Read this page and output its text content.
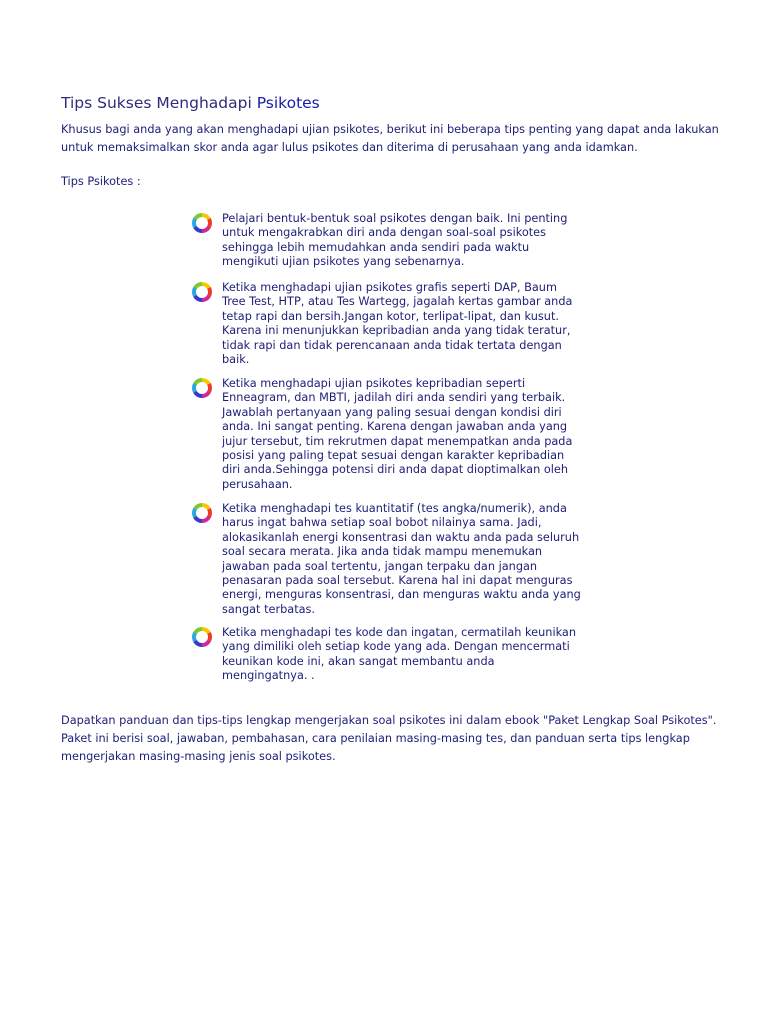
Tips Sukses Menghadapi Psikotes
Khusus bagi anda yang akan menghadapi ujian psikotes, berikut ini beberapa tips penting yang dapat anda lakukan untuk memaksimalkan skor anda agar lulus psikotes dan diterima di perusahaan yang anda idamkan.
Tips Psikotes :
Pelajari bentuk-bentuk soal psikotes dengan baik. Ini penting untuk mengakrabkan diri anda dengan soal-soal psikotes sehingga lebih memudahkan anda sendiri pada waktu mengikuti ujian psikotes yang sebenarnya.
Ketika menghadapi ujian psikotes grafis seperti DAP, Baum Tree Test, HTP, atau Tes Wartegg, jagalah kertas gambar anda tetap rapi dan bersih.Jangan kotor, terlipat-lipat, dan kusut. Karena ini menunjukkan kepribadian anda yang tidak teratur, tidak rapi dan tidak perencanaan anda tidak tertata dengan baik.
Ketika menghadapi ujian psikotes kepribadian seperti Enneagram, dan MBTI, jadilah diri anda sendiri yang terbaik. Jawablah pertanyaan yang paling sesuai dengan kondisi diri anda. Ini sangat penting. Karena dengan jawaban anda yang jujur tersebut, tim rekrutmen dapat menempatkan anda pada posisi yang paling tepat sesuai dengan karakter kepribadian diri anda.Sehingga potensi diri anda dapat dioptimalkan oleh perusahaan.
Ketika menghadapi tes kuantitatif (tes angka/numerik), anda harus ingat bahwa setiap soal bobot nilainya sama. Jadi, alokasikanlah energi konsentrasi dan waktu anda pada seluruh soal secara merata. Jika anda tidak mampu menemukan jawaban pada soal tertentu, jangan terpaku dan jangan penasaran pada soal tersebut. Karena hal ini dapat menguras energi, menguras konsentrasi, dan menguras waktu anda yang sangat terbatas.
Ketika menghadapi tes kode dan ingatan, cermatilah keunikan yang dimiliki oleh setiap kode yang ada. Dengan mencermati keunikan kode ini, akan sangat membantu anda mengingatnya. .
Dapatkan panduan dan tips-tips lengkap mengerjakan soal psikotes ini dalam ebook "Paket Lengkap Soal Psikotes". Paket ini berisi soal, jawaban, pembahasan, cara penilaian masing-masing tes, dan panduan serta tips lengkap mengerjakan masing-masing jenis soal psikotes.
